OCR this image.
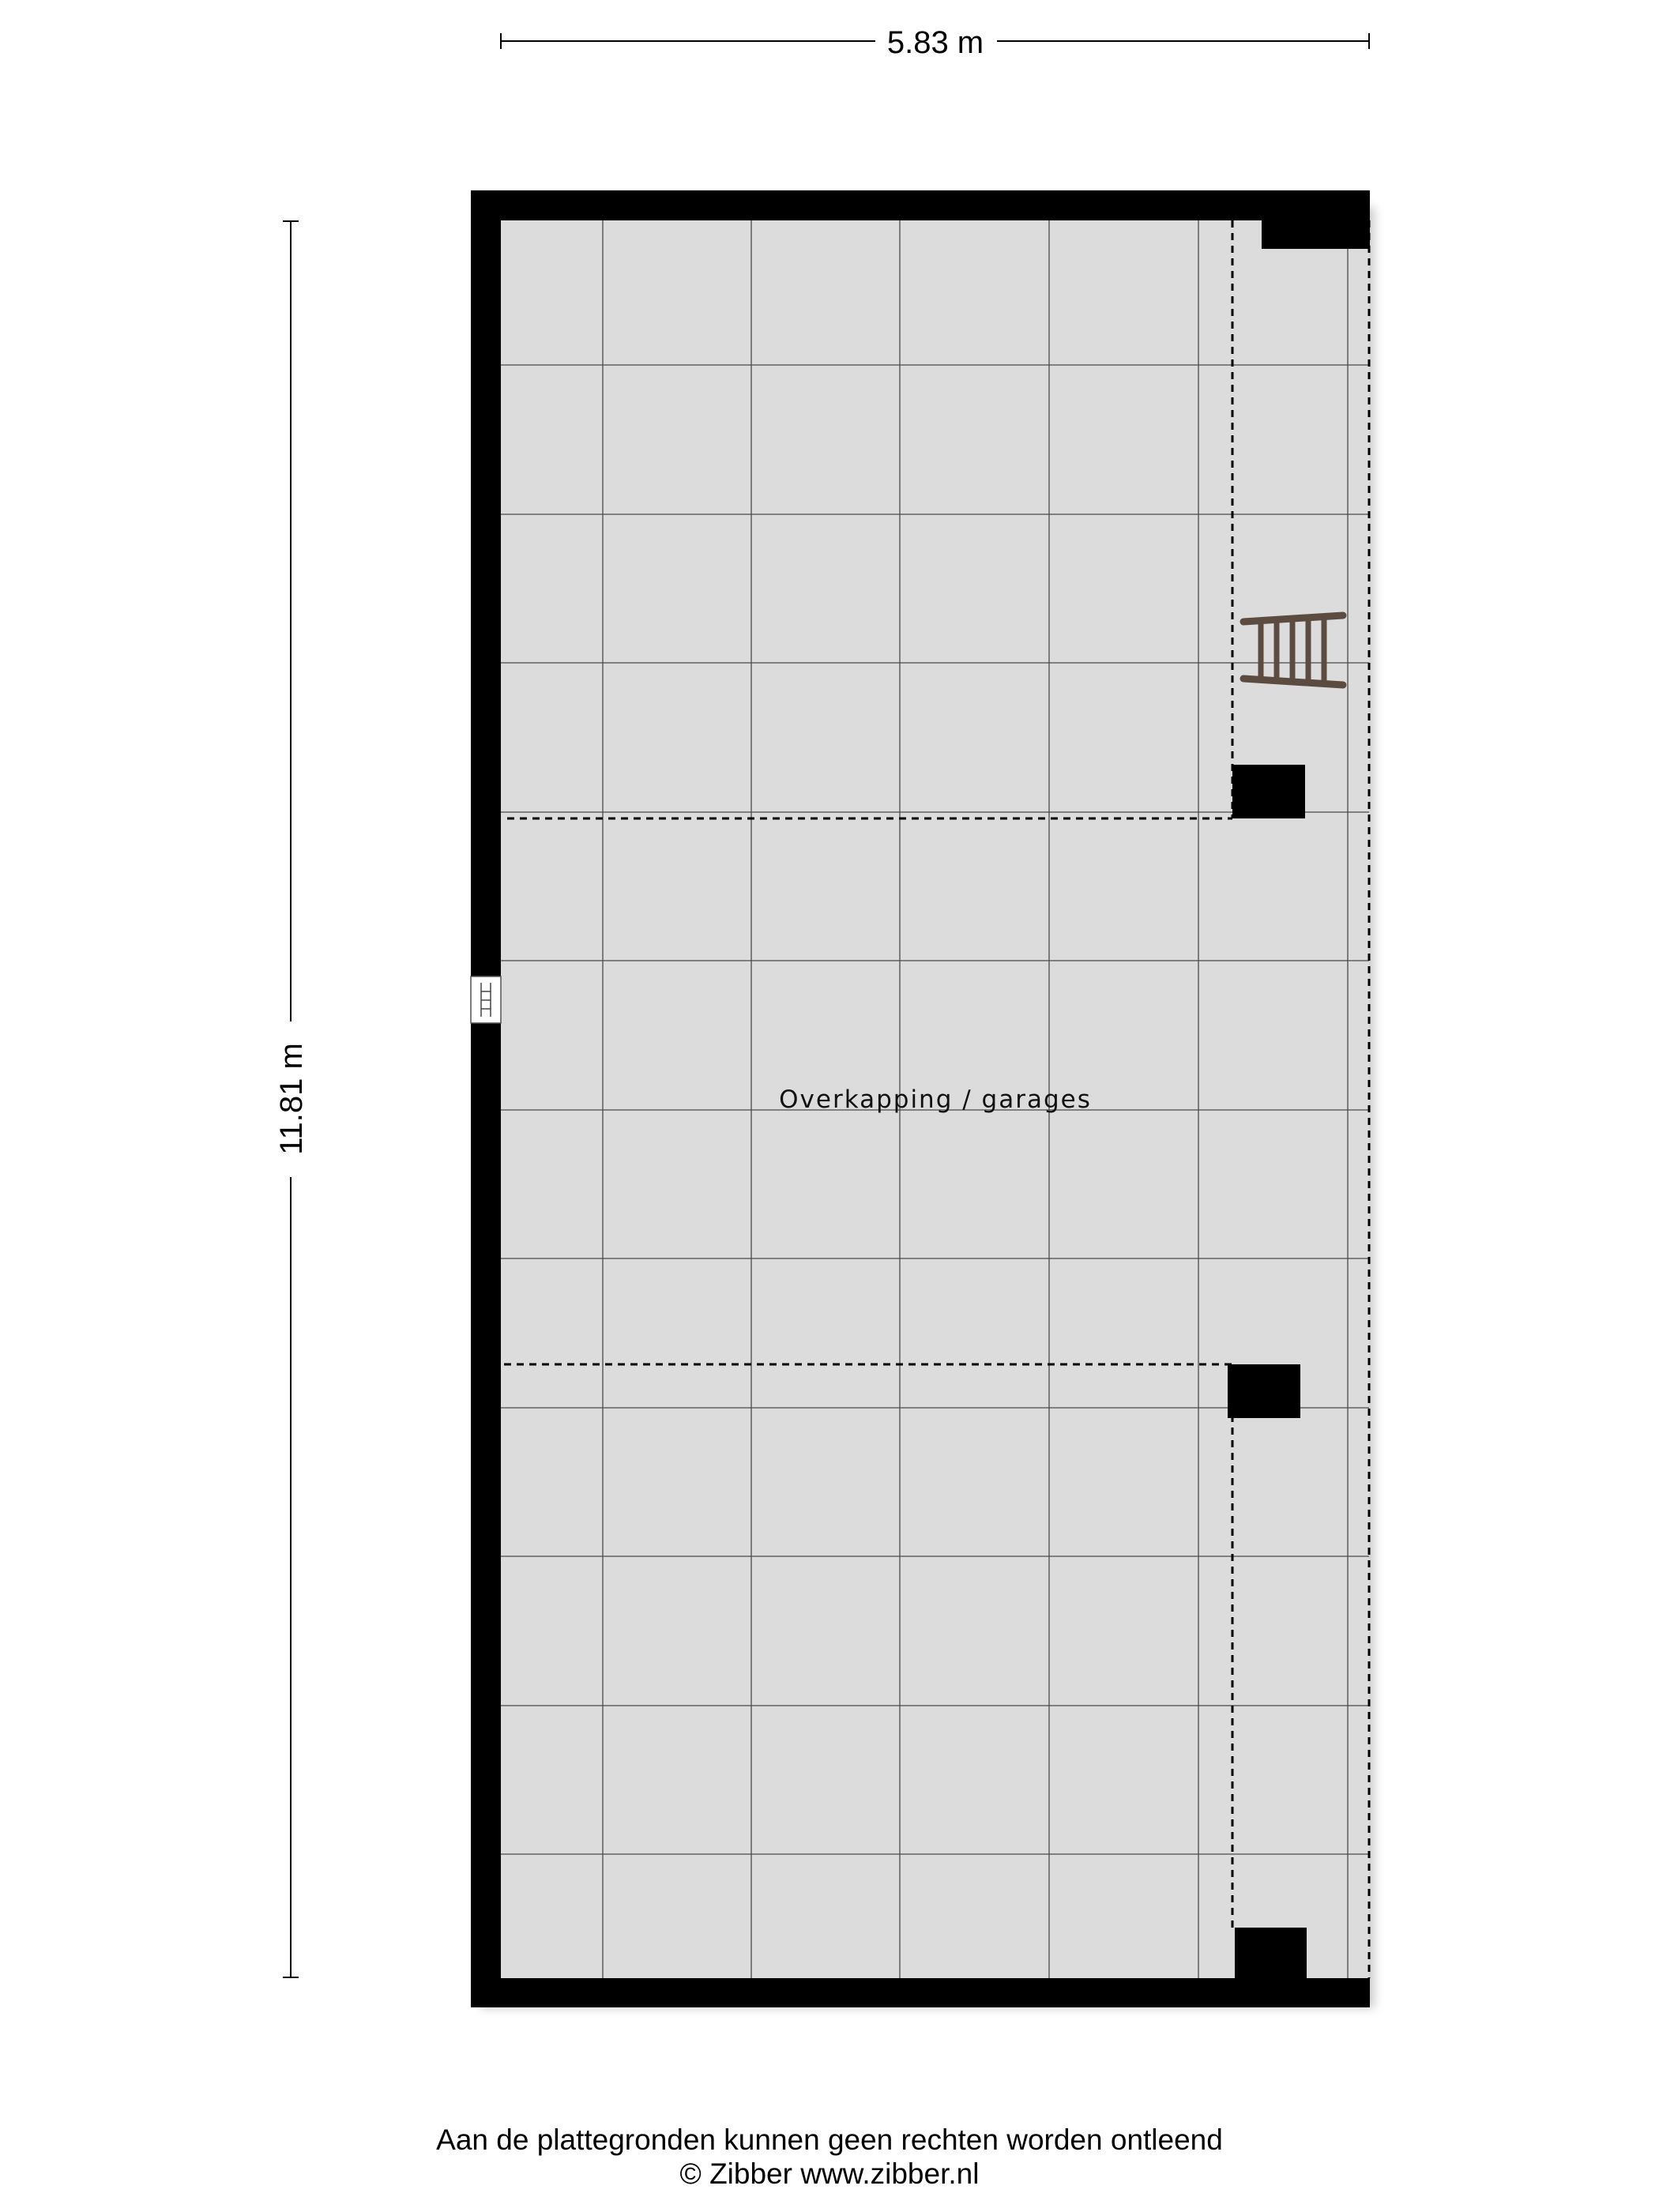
5.83 m
11.81 m	Overkapping / garages
Aan de plattegronden kunnen geen rechten worden ontleend
© Zibber www.zibber.nl
